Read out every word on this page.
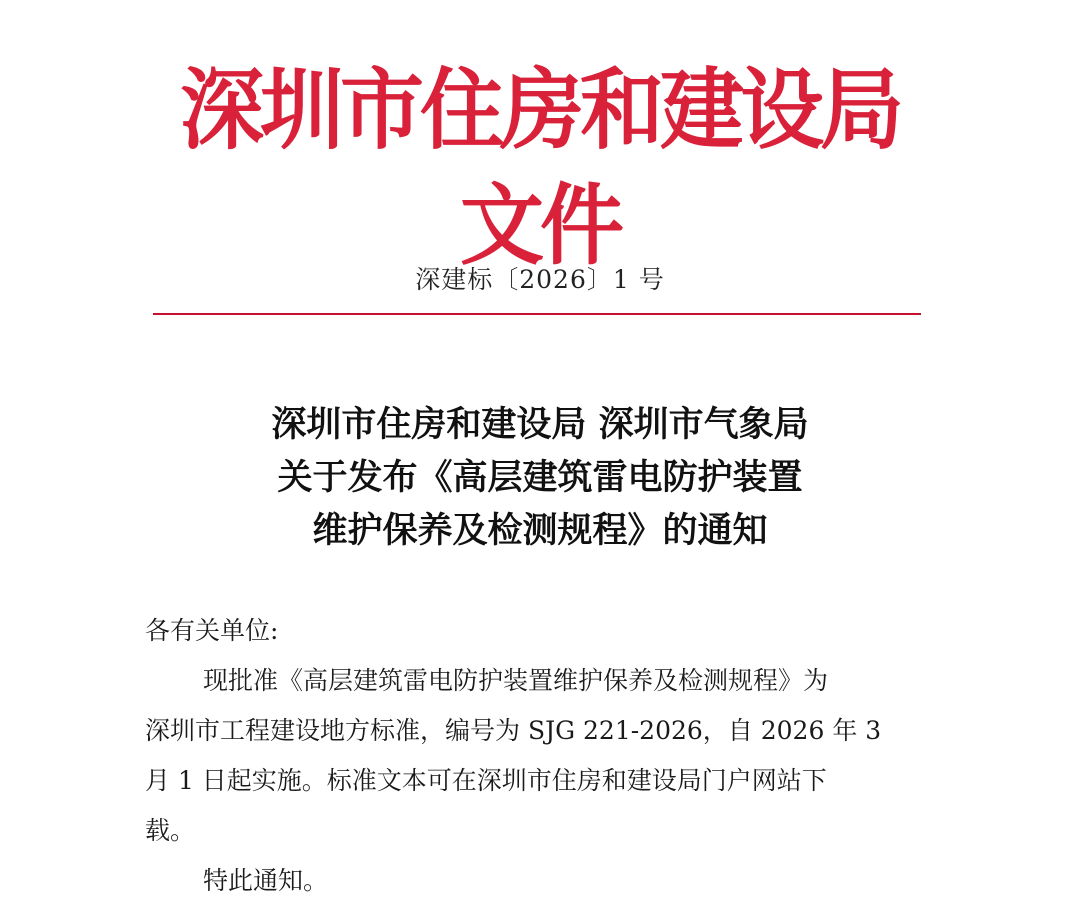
深圳市住房和建设局文件
深建标〔2026〕1 号
深圳市住房和建设局 深圳市气象局
关于发布《高层建筑雷电防护装置
维护保养及检测规程》的通知

各有关单位:

现批准《高层建筑雷电防护装置维护保养及检测规程》为

深圳市工程建设地方标准，编号为 SJG 221-2026，自 2026 年 3

月 1 日起实施。标准文本可在深圳市住房和建设局门户网站下

载。

特此通知。
